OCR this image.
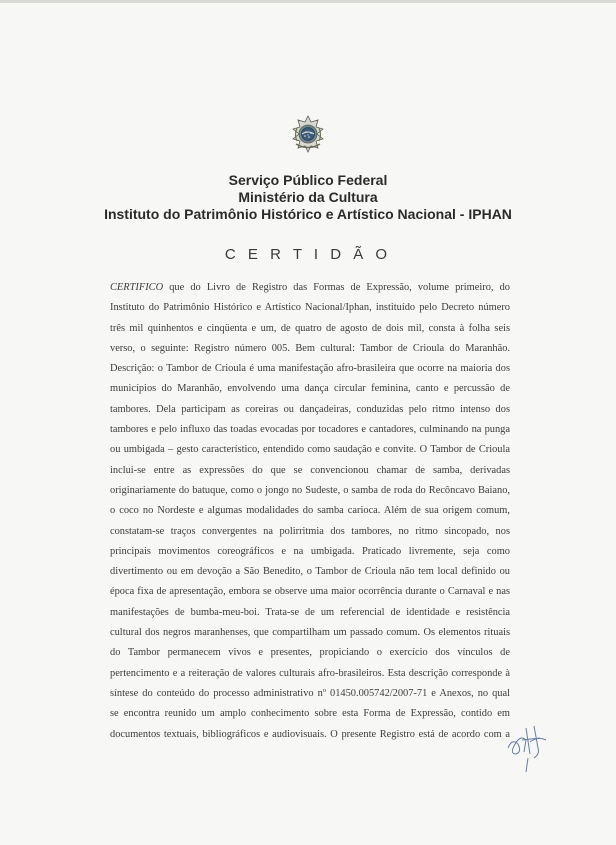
Serviço Público Federal
Ministério da Cultura
Instituto do Patrimônio Histórico e Artístico Nacional - IPHAN
C E R T I D Ã O
CERTIFICO que do Livro de Registro das Formas de Expressão, volume primeiro, do
Instituto do Patrimônio Histórico e Artístico Nacional/Iphan, instituído pelo Decreto número
três mil quinhentos e cinqüenta e um, de quatro de agosto de dois mil, consta à folha seis
verso, o seguinte: Registro número 005. Bem cultural: Tambor de Crioula do Maranhão.
Descrição: o Tambor de Crioula é uma manifestação afro-brasileira que ocorre na maioria dos
municípios do Maranhão, envolvendo uma dança circular feminina, canto e percussão de
tambores. Dela participam as coreiras ou dançadeiras, conduzidas pelo ritmo intenso dos
tambores e pelo influxo das toadas evocadas por tocadores e cantadores, culminando na punga
ou umbigada – gesto característico, entendido como saudação e convite. O Tambor de Crioula
inclui-se entre as expressões do que se convencionou chamar de samba, derivadas
originariamente do batuque, como o jongo no Sudeste, o samba de roda do Recôncavo Baiano,
o coco no Nordeste e algumas modalidades do samba carioca. Além de sua origem comum,
constatam-se traços convergentes na polirritmia dos tambores, no ritmo sincopado, nos
principais movimentos coreográficos e na umbigada. Praticado livremente, seja como
divertimento ou em devoção a São Benedito, o Tambor de Crioula não tem local definido ou
época fixa de apresentação, embora se observe uma maior ocorrência durante o Carnaval e nas
manifestações de bumba-meu-boi. Trata-se de um referencial de identidade e resistência
cultural dos negros maranhenses, que compartilham um passado comum. Os elementos rituais
do Tambor permanecem vivos e presentes, propiciando o exercício dos vínculos de
pertencimento e a reiteração de valores culturais afro-brasileiros. Esta descrição corresponde à
síntese do conteúdo do processo administrativo nº 01450.005742/2007-71 e Anexos, no qual
se encontra reunido um amplo conhecimento sobre esta Forma de Expressão, contido em
documentos textuais, bibliográficos e audiovisuais. O presente Registro está de acordo com a
